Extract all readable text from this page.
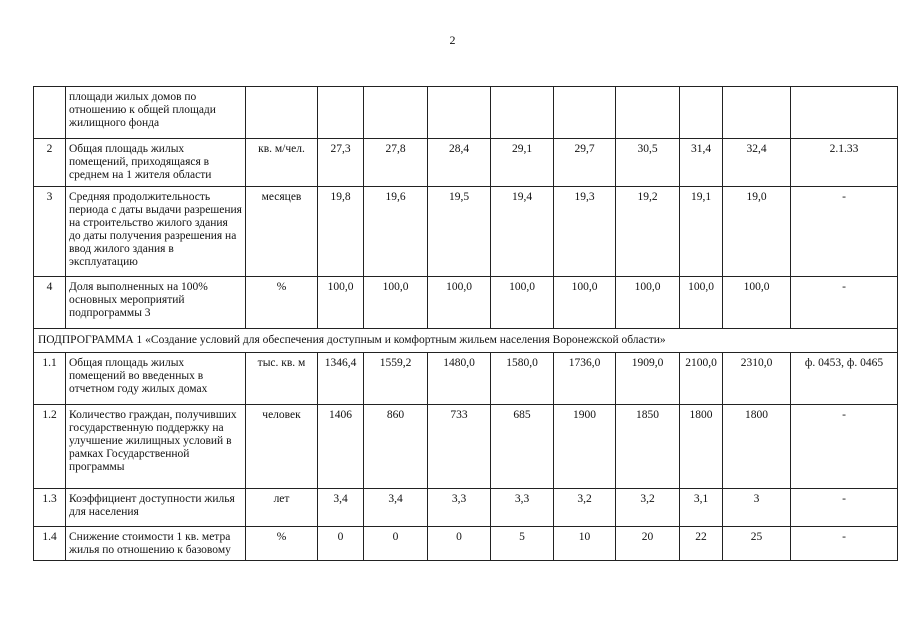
2
	площади жилых домов по отношению к общей площади жилищного фонда										
2	Общая площадь жилых помещений, приходящаяся в среднем на 1 жителя области	кв. м/чел.	27,3	27,8	28,4	29,1	29,7	30,5	31,4	32,4	2.1.33
3	Средняя продолжительность периода с даты выдачи разрешения на строительство жилого здания до даты получения разрешения на ввод жилого здания в эксплуатацию	месяцев	19,8	19,6	19,5	19,4	19,3	19,2	19,1	19,0	-
4	Доля выполненных на 100% основных мероприятий подпрограммы 3	%	100,0	100,0	100,0	100,0	100,0	100,0	100,0	100,0	-
ПОДПРОГРАММА 1 «Создание условий для обеспечения доступным и комфортным жильем населения Воронежской области»											
1.1	Общая площадь жилых помещений во введенных в отчетном году жилых домах	тыс. кв. м	1346,4	1559,2	1480,0	1580,0	1736,0	1909,0	2100,0	2310,0	ф. 0453, ф. 0465
1.2	Количество граждан, получивших государственную поддержку на улучшение жилищных условий в рамках Государственной программы	человек	1406	860	733	685	1900	1850	1800	1800	-
1.3	Коэффициент доступности жилья для населения	лет	3,4	3,4	3,3	3,3	3,2	3,2	3,1	3	-
1.4	Снижение стоимости 1 кв. метра жилья по отношению к базовому	%	0	0	0	5	10	20	22	25	-
